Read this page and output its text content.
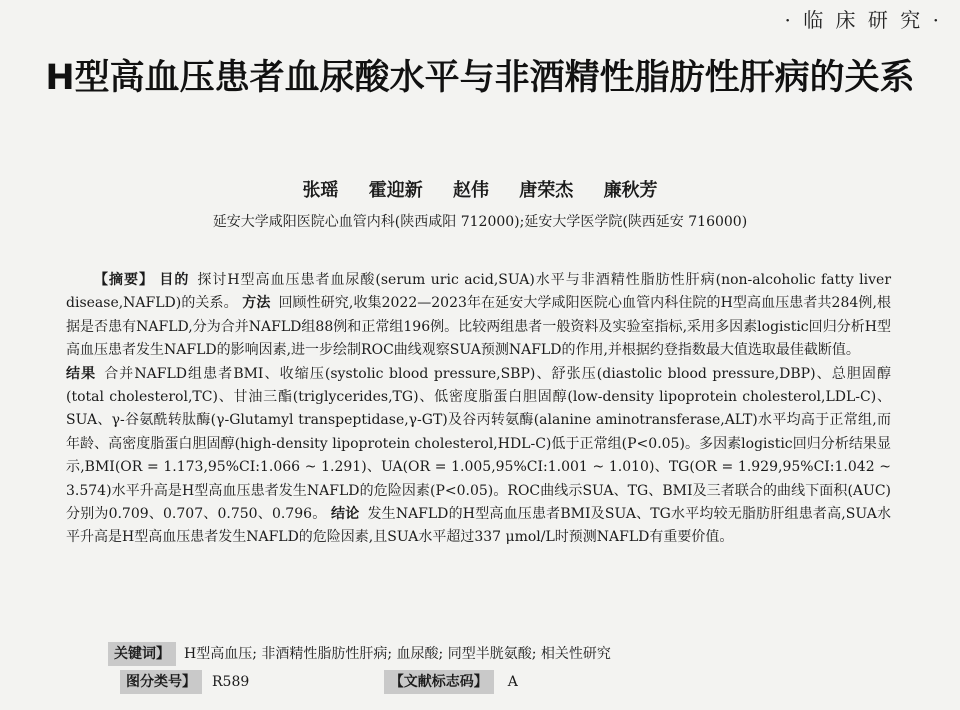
· 临 床 研 究 ·
H型高血压患者血尿酸水平与非酒精性脂肪性肝病的关系
张瑶 霍迎新 赵伟 唐荣杰 廉秋芳
延安大学咸阳医院心血管内科(陕西咸阳 712000);延安大学医学院(陕西延安 716000)

【摘要】 目的 探讨H型高血压患者血尿酸(serum uric acid,SUA)水平与非酒精性脂肪性肝病(non-alcoholic fatty liver disease,NAFLD)的关系。 方法 回顾性研究,收集2022—2023年在延安大学咸阳医院心血管内科住院的H型高血压患者共284例,根据是否患有NAFLD,分为合并NAFLD组88例和正常组196例。比较两组患者一般资料及实验室指标,采用多因素logistic回归分析H型高血压患者发生NAFLD的影响因素,进一步绘制ROC曲线观察SUA预测NAFLD的作用,并根据约登指数最大值选取最佳截断值。

结果 合并NAFLD组患者BMI、收缩压(systolic blood pressure,SBP)、舒张压(diastolic blood pressure,DBP)、总胆固醇(total cholesterol,TC)、甘油三酯(triglycerides,TG)、低密度脂蛋白胆固醇(low-density lipoprotein cholesterol,LDL-C)、SUA、γ-谷氨酰转肽酶(γ-Glutamyl transpeptidase,γ-GT)及谷丙转氨酶(alanine aminotransferase,ALT)水平均高于正常组,而年龄、高密度脂蛋白胆固醇(high-density lipoprotein cholesterol,HDL-C)低于正常组(P<0.05)。多因素logistic回归分析结果显示,BMI(OR = 1.173,95%CI:1.066 ~ 1.291)、UA(OR = 1.005,95%CI:1.001 ~ 1.010)、TG(OR = 1.929,95%CI:1.042 ~ 3.574)水平升高是H型高血压患者发生NAFLD的危险因素(P<0.05)。ROC曲线示SUA、TG、BMI及三者联合的曲线下面积(AUC)分别为0.709、0.707、0.750、0.796。 结论 发生NAFLD的H型高血压患者BMI及SUA、TG水平均较无脂肪肝组患者高,SUA水平升高是H型高血压患者发生NAFLD的危险因素,且SUA水平超过337 μmol/L时预测NAFLD有重要价值。
关键词】 H型高血压; 非酒精性脂肪性肝病; 血尿酸; 同型半胱氨酸; 相关性研究
图分类号】 R589	【文献标志码】 A
